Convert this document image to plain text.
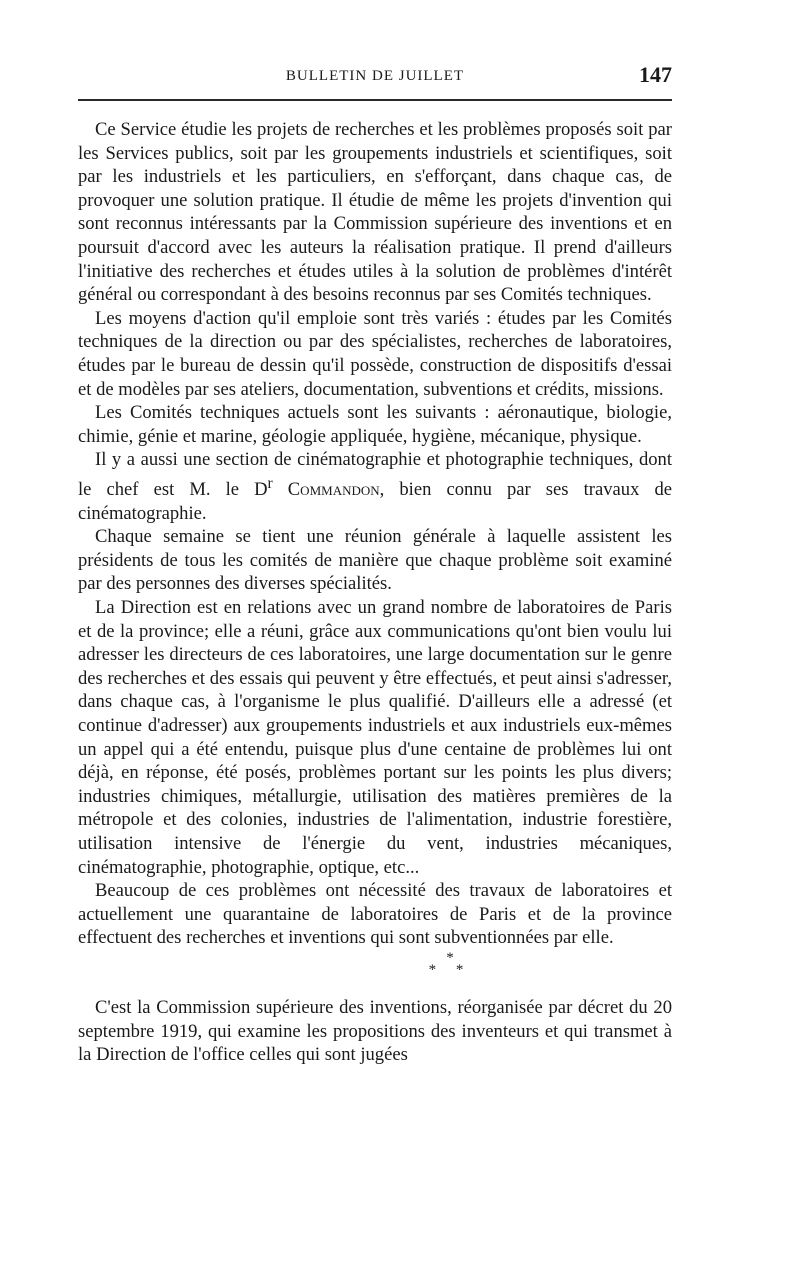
BULLETIN DE JUILLET	147

Ce Service étudie les projets de recherches et les problèmes proposés soit par les Services publics, soit par les groupements industriels et scientifiques, soit par les industriels et les particuliers, en s'efforçant, dans chaque cas, de provoquer une solution pratique. Il étudie de même les projets d'invention qui sont reconnus intéressants par la Commission supérieure des inventions et en poursuit d'accord avec les auteurs la réalisation pratique. Il prend d'ailleurs l'initiative des recherches et études utiles à la solution de problèmes d'intérêt général ou correspondant à des besoins reconnus par ses Comités techniques.

Les moyens d'action qu'il emploie sont très variés : études par les Comités techniques de la direction ou par des spécialistes, recherches de laboratoires, études par le bureau de dessin qu'il possède, construction de dispositifs d'essai et de modèles par ses ateliers, documentation, subventions et crédits, missions.

Les Comités techniques actuels sont les suivants : aéronautique, biologie, chimie, génie et marine, géologie appliquée, hygiène, mécanique, physique.

Il y a aussi une section de cinématographie et photographie techniques, dont le chef est M. le $D^r$ Commandon, bien connu par ses travaux de cinématographie.

Chaque semaine se tient une réunion générale à laquelle assistent les présidents de tous les comités de manière que chaque problème soit examiné par des personnes des diverses spécialités.

La Direction est en relations avec un grand nombre de laboratoires de Paris et de la province; elle a réuni, grâce aux communications qu'ont bien voulu lui adresser les directeurs de ces laboratoires, une large documentation sur le genre des recherches et des essais qui peuvent y être effectués, et peut ainsi s'adresser, dans chaque cas, à l'organisme le plus qualifié. D'ailleurs elle a adressé (et continue d'adresser) aux groupements industriels et aux industriels eux-mêmes un appel qui a été entendu, puisque plus d'une centaine de problèmes lui ont déjà, en réponse, été posés, problèmes portant sur les points les plus divers; industries chimiques, métallurgie, utilisation des matières premières de la métropole et des colonies, industries de l'alimentation, industrie forestière, utilisation intensive de l'énergie du vent, industries mécaniques, cinématographie, photographie, optique, etc...

Beaucoup de ces problèmes ont nécessité des travaux de laboratoires et actuellement une quarantaine de laboratoires de Paris et de la province effectuent des recherches et inventions qui sont subventionnées par elle.

*
* *

C'est la Commission supérieure des inventions, réorganisée par décret du 20 septembre 1919, qui examine les propositions des inventeurs et qui transmet à la Direction de l'office celles qui sont jugées
